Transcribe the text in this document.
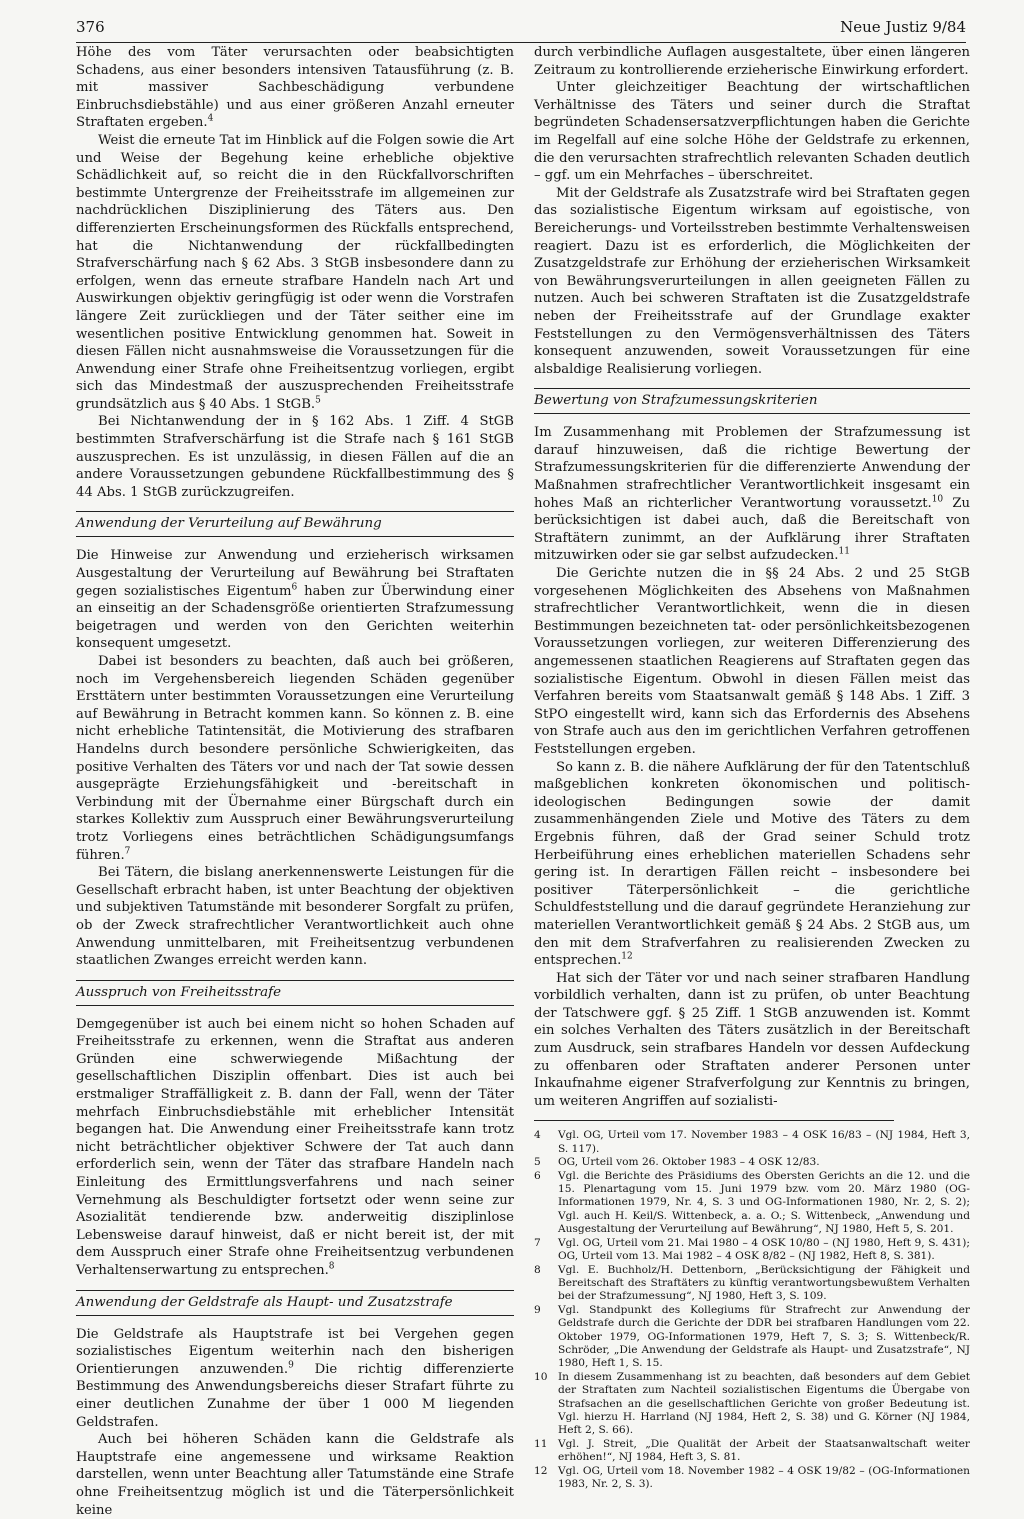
376	Neue Justiz 9/84

Höhe des vom Täter verursachten oder beabsichtigten Schadens, aus einer besonders intensiven Tatausführung (z. B. mit massiver Sachbeschädigung verbundene Einbruchsdiebstähle) und aus einer größeren Anzahl erneuter Straftaten ergeben.$^4$

Weist die erneute Tat im Hinblick auf die Folgen sowie die Art und Weise der Begehung keine erhebliche objektive Schädlichkeit auf, so reicht die in den Rückfallvorschriften bestimmte Untergrenze der Freiheitsstrafe im allgemeinen zur nachdrücklichen Disziplinierung des Täters aus. Den differenzierten Erscheinungsformen des Rückfalls entsprechend, hat die Nichtanwendung der rückfallbedingten Strafverschärfung nach § 62 Abs. 3 StGB insbesondere dann zu erfolgen, wenn das erneute strafbare Handeln nach Art und Auswirkungen objektiv geringfügig ist oder wenn die Vorstrafen längere Zeit zurückliegen und der Täter seither eine im wesentlichen positive Entwicklung genommen hat. Soweit in diesen Fällen nicht ausnahmsweise die Voraussetzungen für die Anwendung einer Strafe ohne Freiheitsentzug vorliegen, ergibt sich das Mindestmaß der auszusprechenden Freiheitsstrafe grundsätzlich aus § 40 Abs. 1 StGB.$^5$

Bei Nichtanwendung der in § 162 Abs. 1 Ziff. 4 StGB bestimmten Strafverschärfung ist die Strafe nach § 161 StGB auszusprechen. Es ist unzulässig, in diesen Fällen auf die an andere Voraussetzungen gebundene Rückfallbestimmung des § 44 Abs. 1 StGB zurückzugreifen.

Anwendung der Verurteilung auf Bewährung

Die Hinweise zur Anwendung und erzieherisch wirksamen Ausgestaltung der Verurteilung auf Bewährung bei Straftaten gegen sozialistisches Eigentum$^6$ haben zur Überwindung einer an einseitig an der Schadensgröße orientierten Strafzumessung beigetragen und werden von den Gerichten weiterhin konsequent umgesetzt.

Dabei ist besonders zu beachten, daß auch bei größeren, noch im Vergehensbereich liegenden Schäden gegenüber Ersttätern unter bestimmten Voraussetzungen eine Verurteilung auf Bewährung in Betracht kommen kann. So können z. B. eine nicht erhebliche Tatintensität, die Motivierung des strafbaren Handelns durch besondere persönliche Schwierigkeiten, das positive Verhalten des Täters vor und nach der Tat sowie dessen ausgeprägte Erziehungsfähigkeit und -bereitschaft in Verbindung mit der Übernahme einer Bürgschaft durch ein starkes Kollektiv zum Ausspruch einer Bewährungsverurteilung trotz Vorliegens eines beträchtlichen Schädigungsumfangs führen.$^7$

Bei Tätern, die bislang anerkennenswerte Leistungen für die Gesellschaft erbracht haben, ist unter Beachtung der objektiven und subjektiven Tatumstände mit besonderer Sorgfalt zu prüfen, ob der Zweck strafrechtlicher Verantwortlichkeit auch ohne Anwendung unmittelbaren, mit Freiheitsentzug verbundenen staatlichen Zwanges erreicht werden kann.

Ausspruch von Freiheitsstrafe

Demgegenüber ist auch bei einem nicht so hohen Schaden auf Freiheitsstrafe zu erkennen, wenn die Straftat aus anderen Gründen eine schwerwiegende Mißachtung der gesellschaftlichen Disziplin offenbart. Dies ist auch bei erstmaliger Straffälligkeit z. B. dann der Fall, wenn der Täter mehrfach Einbruchsdiebstähle mit erheblicher Intensität begangen hat. Die Anwendung einer Freiheitsstrafe kann trotz nicht beträchtlicher objektiver Schwere der Tat auch dann erforderlich sein, wenn der Täter das strafbare Handeln nach Einleitung des Ermittlungsverfahrens und nach seiner Vernehmung als Beschuldigter fortsetzt oder wenn seine zur Asozialität tendierende bzw. anderweitig disziplinlose Lebensweise darauf hinweist, daß er nicht bereit ist, der mit dem Ausspruch einer Strafe ohne Freiheitsentzug verbundenen Verhaltenserwartung zu entsprechen.$^8$

Anwendung der Geldstrafe als Haupt- und Zusatzstrafe

Die Geldstrafe als Hauptstrafe ist bei Vergehen gegen sozialistisches Eigentum weiterhin nach den bisherigen Orientierungen anzuwenden.$^9$ Die richtig differenzierte Bestimmung des Anwendungsbereichs dieser Strafart führte zu einer deutlichen Zunahme der über 1 000 M liegenden Geldstrafen.

Auch bei höheren Schäden kann die Geldstrafe als Hauptstrafe eine angemessene und wirksame Reaktion darstellen, wenn unter Beachtung aller Tatumstände eine Strafe ohne Freiheitsentzug möglich ist und die Täterpersönlichkeit keine

durch verbindliche Auflagen ausgestaltete, über einen längeren Zeitraum zu kontrollierende erzieherische Einwirkung erfordert.

Unter gleichzeitiger Beachtung der wirtschaftlichen Verhältnisse des Täters und seiner durch die Straftat begründeten Schadensersatzverpflichtungen haben die Gerichte im Regelfall auf eine solche Höhe der Geldstrafe zu erkennen, die den verursachten strafrechtlich relevanten Schaden deutlich – ggf. um ein Mehrfaches – überschreitet.

Mit der Geldstrafe als Zusatzstrafe wird bei Straftaten gegen das sozialistische Eigentum wirksam auf egoistische, von Bereicherungs- und Vorteilsstreben bestimmte Verhaltensweisen reagiert. Dazu ist es erforderlich, die Möglichkeiten der Zusatzgeldstrafe zur Erhöhung der erzieherischen Wirksamkeit von Bewährungsverurteilungen in allen geeigneten Fällen zu nutzen. Auch bei schweren Straftaten ist die Zusatzgeldstrafe neben der Freiheitsstrafe auf der Grundlage exakter Feststellungen zu den Vermögensverhältnissen des Täters konsequent anzuwenden, soweit Voraussetzungen für eine alsbaldige Realisierung vorliegen.

Bewertung von Strafzumessungskriterien

Im Zusammenhang mit Problemen der Strafzumessung ist darauf hinzuweisen, daß die richtige Bewertung der Strafzumessungskriterien für die differenzierte Anwendung der Maßnahmen strafrechtlicher Verantwortlichkeit insgesamt ein hohes Maß an richterlicher Verantwortung voraussetzt.$^{10}$ Zu berücksichtigen ist dabei auch, daß die Bereitschaft von Straftätern zunimmt, an der Aufklärung ihrer Straftaten mitzuwirken oder sie gar selbst aufzudecken.$^{11}$

Die Gerichte nutzen die in §§ 24 Abs. 2 und 25 StGB vorgesehenen Möglichkeiten des Absehens von Maßnahmen strafrechtlicher Verantwortlichkeit, wenn die in diesen Bestimmungen bezeichneten tat- oder persönlichkeitsbezogenen Voraussetzungen vorliegen, zur weiteren Differenzierung des angemessenen staatlichen Reagierens auf Straftaten gegen das sozialistische Eigentum. Obwohl in diesen Fällen meist das Verfahren bereits vom Staatsanwalt gemäß § 148 Abs. 1 Ziff. 3 StPO eingestellt wird, kann sich das Erfordernis des Absehens von Strafe auch aus den im gerichtlichen Verfahren getroffenen Feststellungen ergeben.

So kann z. B. die nähere Aufklärung der für den Tatentschluß maßgeblichen konkreten ökonomischen und politisch-ideologischen Bedingungen sowie der damit zusammenhängenden Ziele und Motive des Täters zu dem Ergebnis führen, daß der Grad seiner Schuld trotz Herbeiführung eines erheblichen materiellen Schadens sehr gering ist. In derartigen Fällen reicht – insbesondere bei positiver Täterpersönlichkeit – die gerichtliche Schuldfeststellung und die darauf gegründete Heranziehung zur materiellen Verantwortlichkeit gemäß § 24 Abs. 2 StGB aus, um den mit dem Strafverfahren zu realisierenden Zwecken zu entsprechen.$^{12}$

Hat sich der Täter vor und nach seiner strafbaren Handlung vorbildlich verhalten, dann ist zu prüfen, ob unter Beachtung der Tatschwere ggf. § 25 Ziff. 1 StGB anzuwenden ist. Kommt ein solches Verhalten des Täters zusätzlich in der Bereitschaft zum Ausdruck, sein strafbares Handeln vor dessen Aufdeckung zu offenbaren oder Straftaten anderer Personen unter Inkaufnahme eigener Strafverfolgung zur Kenntnis zu bringen, um weiteren Angriffen auf sozialisti-

4	Vgl. OG, Urteil vom 17. November 1983 – 4 OSK 16/83 – (NJ 1984, Heft 3, S. 117).
5	OG, Urteil vom 26. Oktober 1983 – 4 OSK 12/83.
6	Vgl. die Berichte des Präsidiums des Obersten Gerichts an die 12. und die 15. Plenartagung vom 15. Juni 1979 bzw. vom 20. März 1980 (OG-Informationen 1979, Nr. 4, S. 3 und OG-Informationen 1980, Nr. 2, S. 2); Vgl. auch H. Keil/S. Wittenbeck, a. a. O.; S. Wittenbeck, „Anwendung und Ausgestaltung der Verurteilung auf Bewährung“, NJ 1980, Heft 5, S. 201.
7	Vgl. OG, Urteil vom 21. Mai 1980 – 4 OSK 10/80 – (NJ 1980, Heft 9, S. 431); OG, Urteil vom 13. Mai 1982 – 4 OSK 8/82 – (NJ 1982, Heft 8, S. 381).
8	Vgl. E. Buchholz/H. Dettenborn, „Berücksichtigung der Fähigkeit und Bereitschaft des Straftäters zu künftig verantwortungsbewußtem Verhalten bei der Strafzumessung“, NJ 1980, Heft 3, S. 109.
9	Vgl. Standpunkt des Kollegiums für Strafrecht zur Anwendung der Geldstrafe durch die Gerichte der DDR bei strafbaren Handlungen vom 22. Oktober 1979, OG-Informationen 1979, Heft 7, S. 3; S. Wittenbeck/R. Schröder, „Die Anwendung der Geldstrafe als Haupt- und Zusatzstrafe“, NJ 1980, Heft 1, S. 15.
10 In diesem Zusammenhang ist zu beachten, daß besonders auf dem Gebiet der Straftaten zum Nachteil sozialistischen Eigentums die Übergabe von Strafsachen an die gesellschaftlichen Gerichte von großer Bedeutung ist. Vgl. hierzu H. Harrland (NJ 1984, Heft 2, S. 38) und G. Körner (NJ 1984, Heft 2, S. 66).
11 Vgl. J. Streit, „Die Qualität der Arbeit der Staatsanwaltschaft weiter erhöhen!“, NJ 1984, Heft 3, S. 81.
12 Vgl. OG, Urteil vom 18. November 1982 – 4 OSK 19/82 – (OG-Informationen 1983, Nr. 2, S. 3).
